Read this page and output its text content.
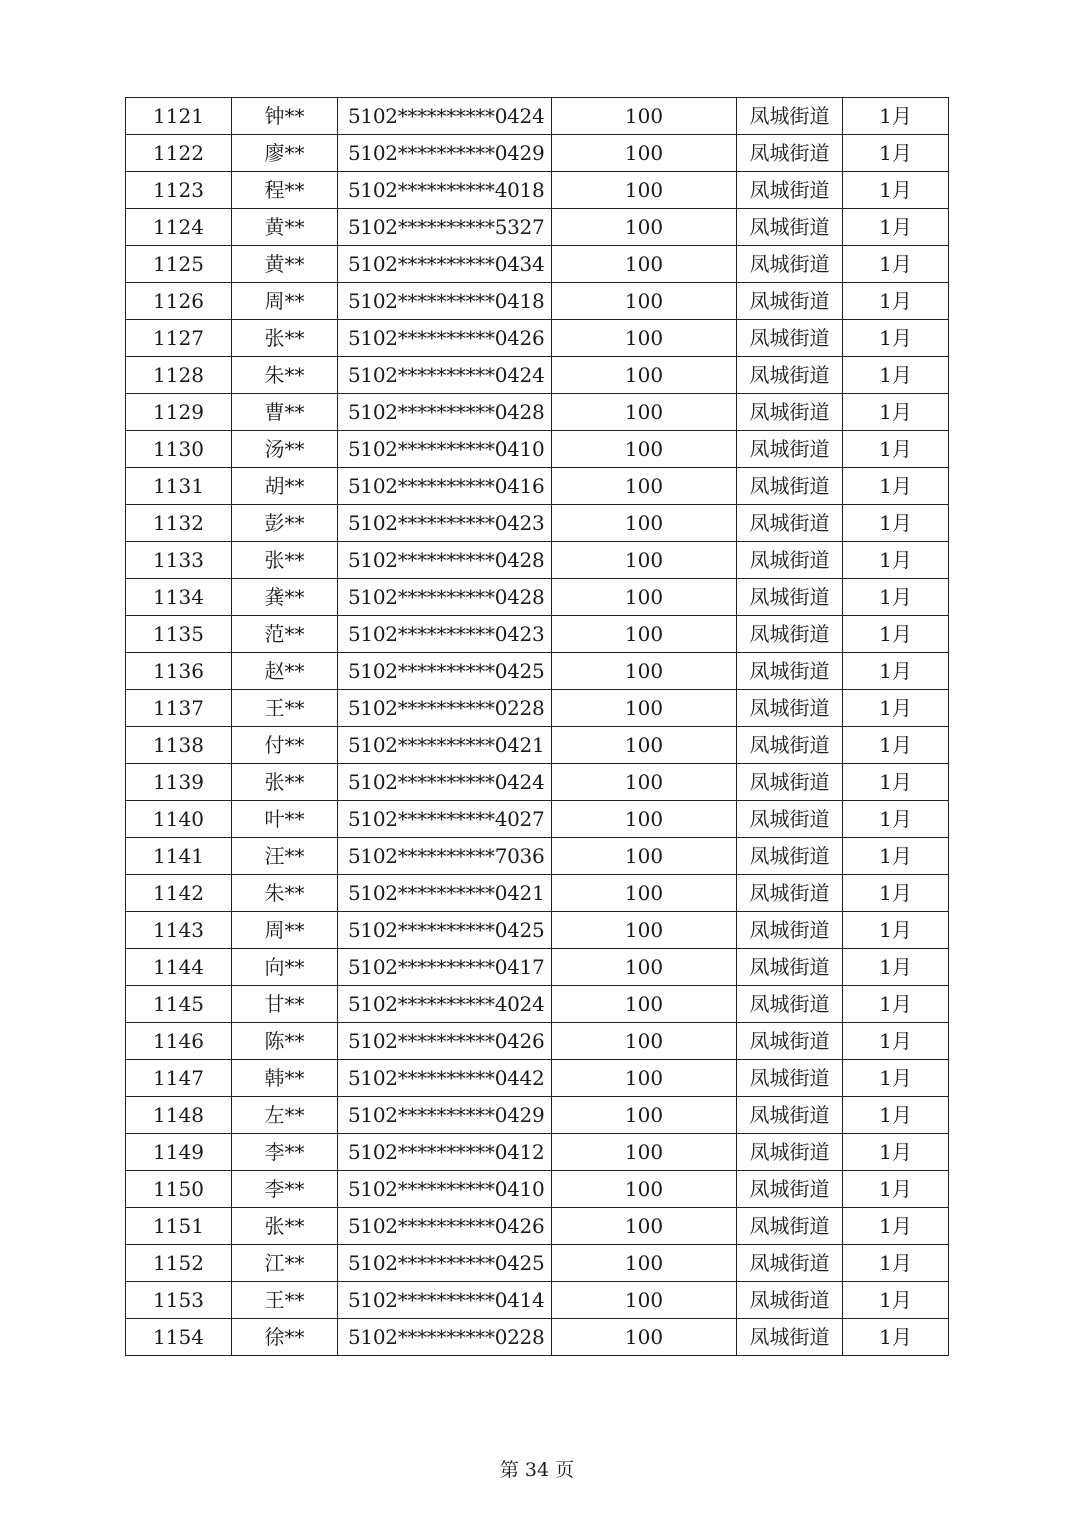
1121	钟**	5102**********0424	100	凤城街道	1月
1122	廖**	5102**********0429	100	凤城街道	1月
1123	程**	5102**********4018	100	凤城街道	1月
1124	黄**	5102**********5327	100	凤城街道	1月
1125	黄**	5102**********0434	100	凤城街道	1月
1126	周**	5102**********0418	100	凤城街道	1月
1127	张**	5102**********0426	100	凤城街道	1月
1128	朱**	5102**********0424	100	凤城街道	1月
1129	曹**	5102**********0428	100	凤城街道	1月
1130	汤**	5102**********0410	100	凤城街道	1月
1131	胡**	5102**********0416	100	凤城街道	1月
1132	彭**	5102**********0423	100	凤城街道	1月
1133	张**	5102**********0428	100	凤城街道	1月
1134	龚**	5102**********0428	100	凤城街道	1月
1135	范**	5102**********0423	100	凤城街道	1月
1136	赵**	5102**********0425	100	凤城街道	1月
1137	王**	5102**********0228	100	凤城街道	1月
1138	付**	5102**********0421	100	凤城街道	1月
1139	张**	5102**********0424	100	凤城街道	1月
1140	叶**	5102**********4027	100	凤城街道	1月
1141	汪**	5102**********7036	100	凤城街道	1月
1142	朱**	5102**********0421	100	凤城街道	1月
1143	周**	5102**********0425	100	凤城街道	1月
1144	向**	5102**********0417	100	凤城街道	1月
1145	甘**	5102**********4024	100	凤城街道	1月
1146	陈**	5102**********0426	100	凤城街道	1月
1147	韩**	5102**********0442	100	凤城街道	1月
1148	左**	5102**********0429	100	凤城街道	1月
1149	李**	5102**********0412	100	凤城街道	1月
1150	李**	5102**********0410	100	凤城街道	1月
1151	张**	5102**********0426	100	凤城街道	1月
1152	江**	5102**********0425	100	凤城街道	1月
1153	王**	5102**********0414	100	凤城街道	1月
1154	徐**	5102**********0228	100	凤城街道	1月
第 34 页
